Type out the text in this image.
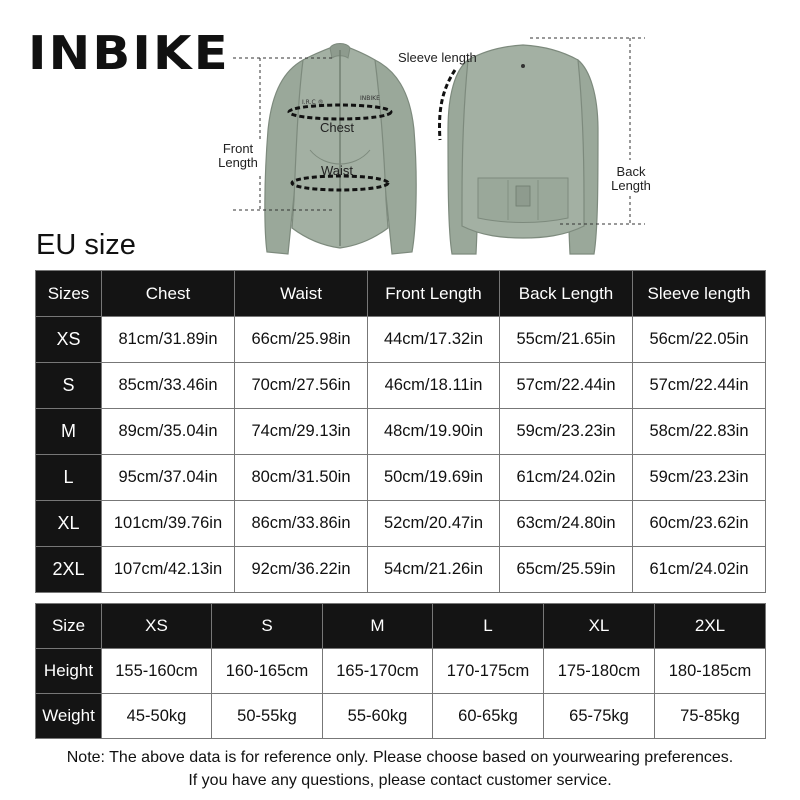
INBIKE
I.R.C ®
INBIKE
Sleeve length
Chest
Waist
Front
Length
Back
Length
EU size
Sizes	Chest	Waist	Front Length	Back Length	Sleeve length
XS	81cm/31.89in	66cm/25.98in	44cm/17.32in	55cm/21.65in	56cm/22.05in
S	85cm/33.46in	70cm/27.56in	46cm/18.11in	57cm/22.44in	57cm/22.44in
M	89cm/35.04in	74cm/29.13in	48cm/19.90in	59cm/23.23in	58cm/22.83in
L	95cm/37.04in	80cm/31.50in	50cm/19.69in	61cm/24.02in	59cm/23.23in
XL	101cm/39.76in	86cm/33.86in	52cm/20.47in	63cm/24.80in	60cm/23.62in
2XL	107cm/42.13in	92cm/36.22in	54cm/21.26in	65cm/25.59in	61cm/24.02in
Size	XS	S	M	L	XL	2XL
Height	155-160cm	160-165cm	165-170cm	170-175cm	175-180cm	180-185cm
Weight	45-50kg	50-55kg	55-60kg	60-65kg	65-75kg	75-85kg
Note: The above data is for reference only. Please choose based on yourwearing preferences.
If you have any questions, please contact customer service.
